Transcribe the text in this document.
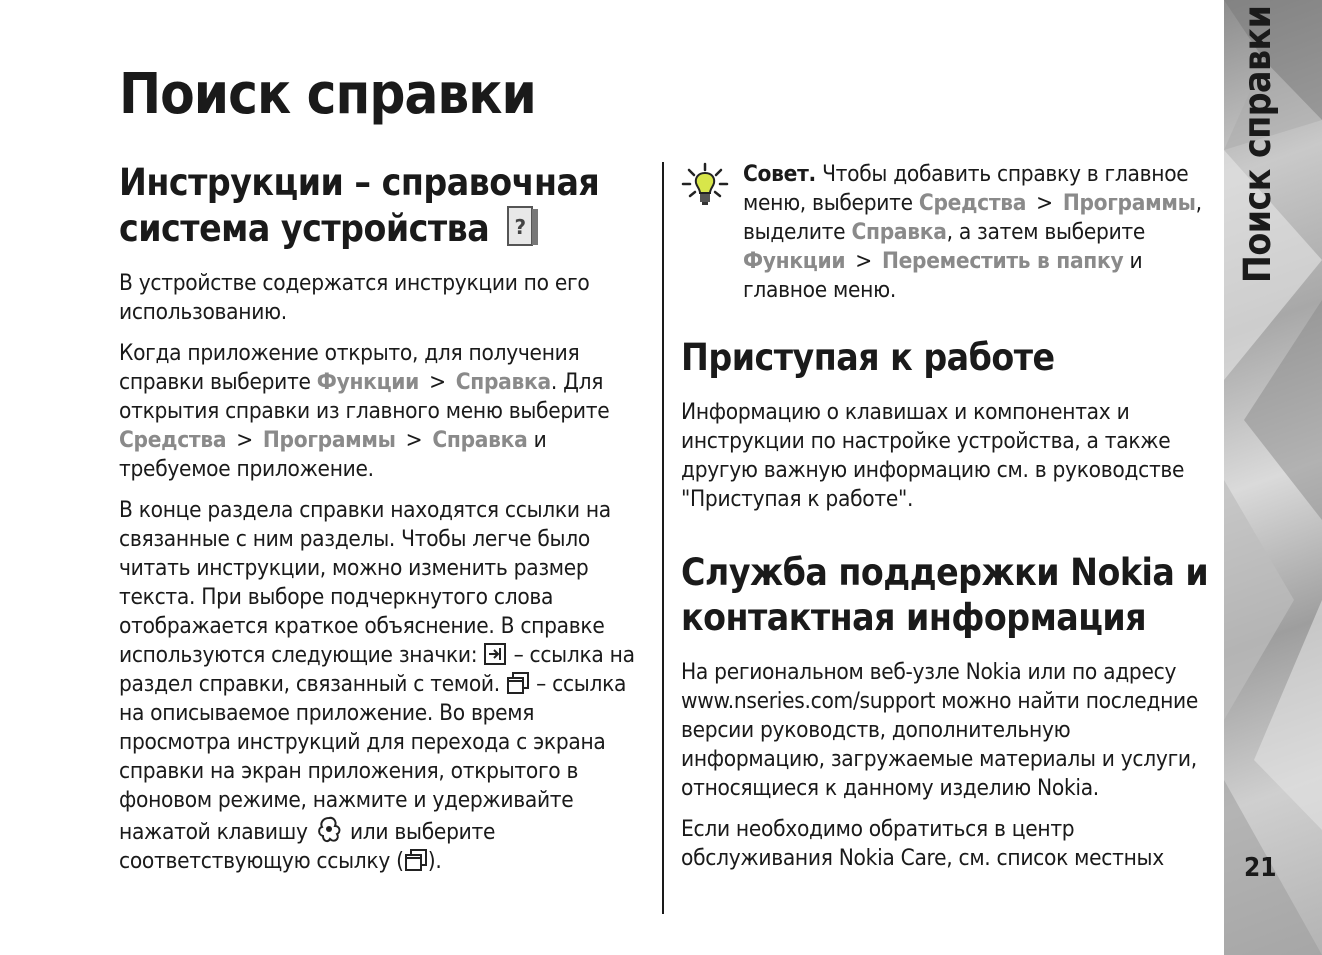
Поиск справки
Инструкции – справочная система устройства ?

В устройстве содержатся инструкции по его использованию.

Когда приложение открыто, для получения справки выберите Функции > Справка. Для открытия справки из главного меню выберите Средства > Программы > Справка и требуемое приложение.

В конце раздела справки находятся ссылки на связанные с ним разделы. Чтобы легче было читать инструкции, можно изменить размер текста. При выборе подчеркнутого слова отображается краткое объяснение. В справке используются следующие значки:  – ссылка на раздел справки, связанный с темой.  – ссылка на описываемое приложение. Во время просмотра инструкций для перехода с экрана справки на экран приложения, открытого в фоновом режиме, нажмите и удерживайте нажатой клавишу  или выберите соответствующую ссылку ( ).

Совет. Чтобы добавить справку в главное меню, выберите Средства > Программы, выделите Справка, а затем выберите Функции > Переместить в папку и главное меню.

Приступая к работе

Информацию о клавишах и компонентах и инструкции по настройке устройства, а также другую важную информацию см. в руководстве "Приступая к работе".

Служба поддержки Nokia и контактная информация

На региональном веб-узле Nokia или по адресу www.nseries.com/support можно найти последние версии руководств, дополнительную информацию, загружаемые материалы и услуги, относящиеся к данному изделию Nokia.

Если необходимо обратиться в центр обслуживания Nokia Care, см. список местных

Поиск справки
21
